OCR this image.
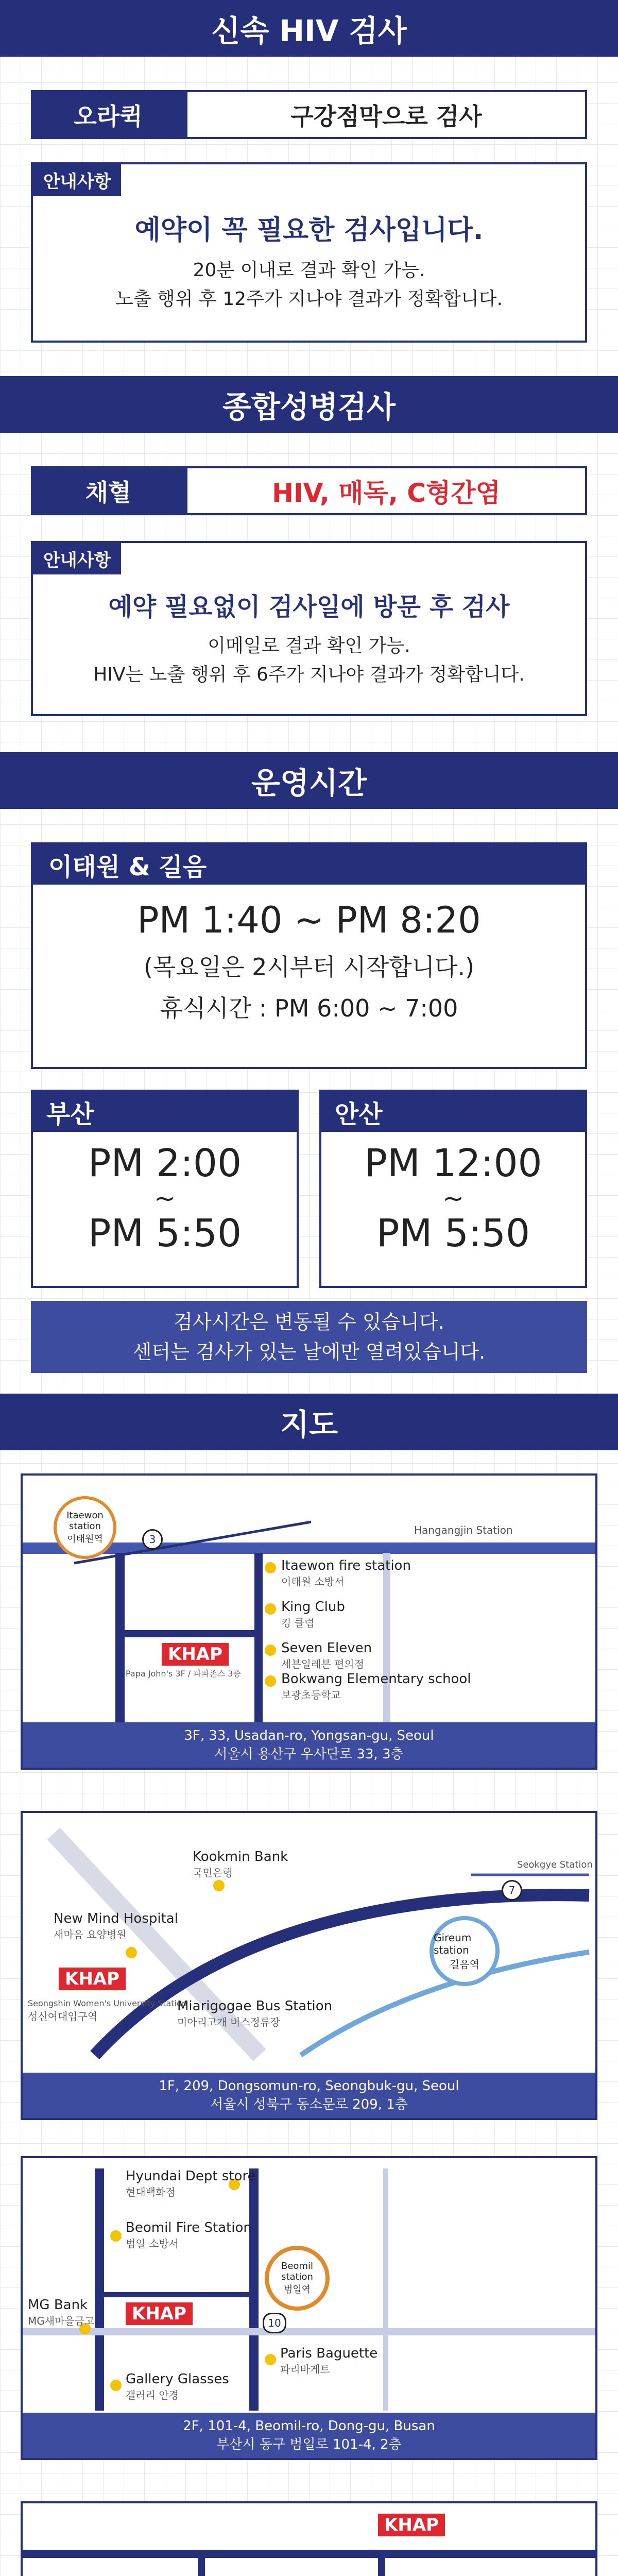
신속 HIV 검사
오라퀵	구강점막으로 검사
안내사항
예약이 꼭 필요한 검사입니다.
20분 이내로 결과 확인 가능.
노출 행위 후 12주가 지나야 결과가 정확합니다.
종합성병검사
채혈	HIV, 매독, C형간염
안내사항
예약 필요없이 검사일에 방문 후 검사
이메일로 결과 확인 가능.
HIV는 노출 행위 후 6주가 지나야 결과가 정확합니다.
운영시간
이태원 & 길음
PM 1:40 ~ PM 8:20
(목요일은 2시부터 시작합니다.)
휴식시간 : PM 6:00 ~ 7:00
부산
PM 2:00
~
PM 5:50
안산
PM 12:00
~
PM 5:50
검사시간은 변동될 수 있습니다.
센터는 검사가 있는 날에만 열려있습니다.
지도
Itaewon station
이태원역	3
Hangangjin Station
Itaewon fire station
이태원 소방서
King Club
킹 클럽
Seven Eleven
세븐일레븐 편의점
Bokwang Elementary school
보광초등학교
KHAP
Papa John's 3F / 파파존스 3층
3F, 33, Usadan-ro, Yongsan-gu, Seoul
서울시 용산구 우사단로 33, 3층
Kookmin Bank
국민은행
New Mind Hospital
새마음 요양병원
KHAP
Seongshin Women's University Station
성신여대입구역
Miarigogae Bus Station
미아리고개 버스정류장
Gireum station
길음역
7
Seokgye Station
1F, 209, Dongsomun-ro, Seongbuk-gu, Seoul
서울시 성북구 동소문로 209, 1층
Hyundai Dept store
현대백화점
Beomil Fire Station
범일 소방서
Beomil station
범일역
10
MG Bank
MG새마을금고	KHAP
Paris Baguette
파리바게트
Gallery Glasses
갤러리 안경
2F, 101-4, Beomil-ro, Dong-gu, Busan
부산시 동구 범일로 101-4, 2층
KHAP
